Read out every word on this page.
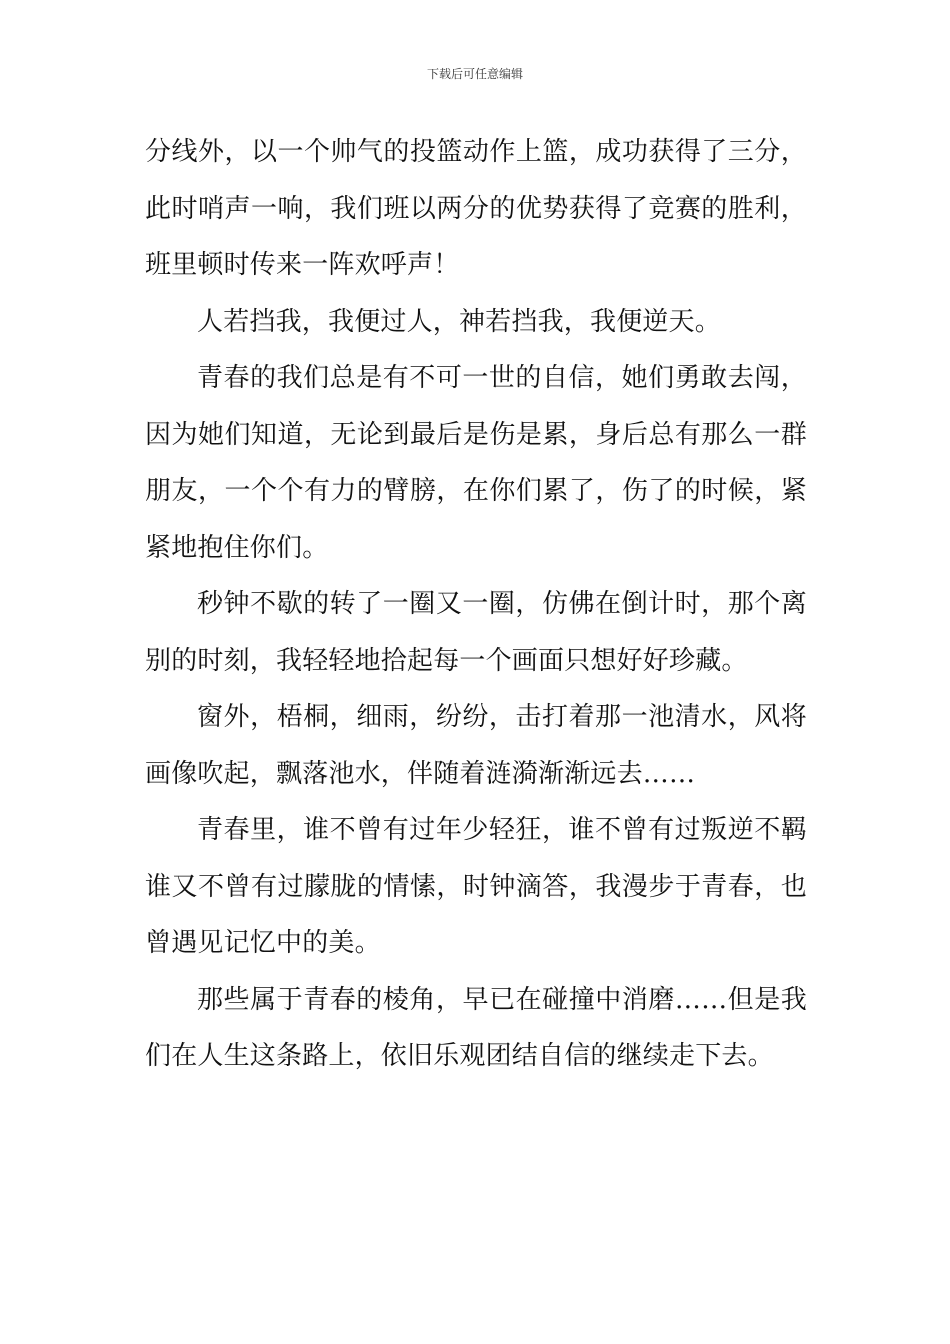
下载后可任意编辑

分线外，以一个帅气的投篮动作上篮，成功获得了三分，此时哨声一响，我们班以两分的优势获得了竞赛的胜利，班里顿时传来一阵欢呼声！

人若挡我，我便过人，神若挡我，我便逆天。

青春的我们总是有不可一世的自信，她们勇敢去闯，因为她们知道，无论到最后是伤是累，身后总有那么一群朋友，一个个有力的臂膀，在你们累了，伤了的时候，紧紧地抱住你们。

秒钟不歇的转了一圈又一圈，仿佛在倒计时，那个离别的时刻，我轻轻地拾起每一个画面只想好好珍藏。

窗外，梧桐，细雨，纷纷，击打着那一池清水，风将画像吹起，飘落池水，伴随着涟漪渐渐远去……

青春里，谁不曾有过年少轻狂，谁不曾有过叛逆不羁谁又不曾有过朦胧的情愫，时钟滴答，我漫步于青春，也曾遇见记忆中的美。

那些属于青春的棱角，早已在碰撞中消磨……但是我们在人生这条路上，依旧乐观团结自信的继续走下去。
